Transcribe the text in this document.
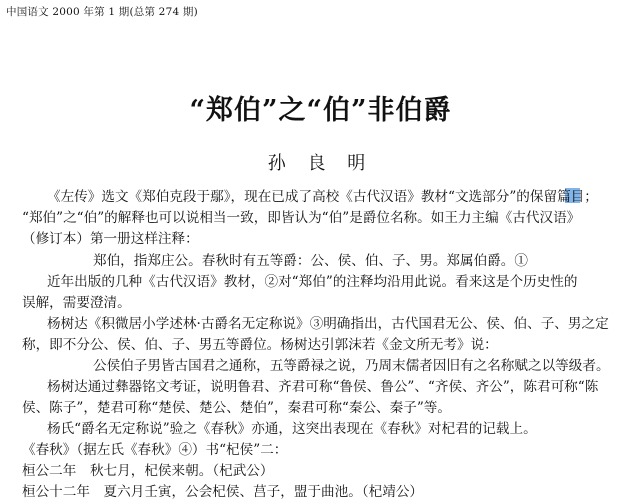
中国语文 2000 年第 1 期(总第 274 期)
“郑伯”之“伯”非伯爵
孙 良 明
《左传》选文《郑伯克段于鄢》，现在已成了高校《古代汉语》教材“文选部分”的保留篇目；
“郑伯”之“伯”的解释也可以说相当一致，即皆认为“伯”是爵位名称。如王力主编《古代汉语》
（修订本）第一册这样注释：
郑伯，指郑庄公。春秋时有五等爵：公、侯、伯、子、男。郑属伯爵。①
近年出版的几种《古代汉语》教材，②对“郑伯”的注释均沿用此说。看来这是个历史性的
误解，需要澄清。
杨树达《积微居小学述林·古爵名无定称说》③明确指出，古代国君无公、侯、伯、子、男之定
称，即不分公、侯、伯、子、男五等爵位。杨树达引郭沫若《金文所无考》说：
公侯伯子男皆古国君之通称，五等爵禄之说，乃周末儒者因旧有之名称赋之以等级者。
杨树达通过彝器铭文考证，说明鲁君、齐君可称“鲁侯、鲁公”、“齐侯、齐公”，陈君可称“陈
侯、陈子”，楚君可称“楚侯、楚公、楚伯”，秦君可称“秦公、秦子”等。
杨氏“爵名无定称说”验之《春秋》亦通，这突出表现在《春秋》对杞君的记载上。
《春秋》（据左氏《春秋》④）书“杞侯”二：
桓公二年　秋七月，杞侯来朝。（杞武公）
桓公十二年　夏六月壬寅，公会杞侯、莒子，盟于曲池。（杞靖公）
